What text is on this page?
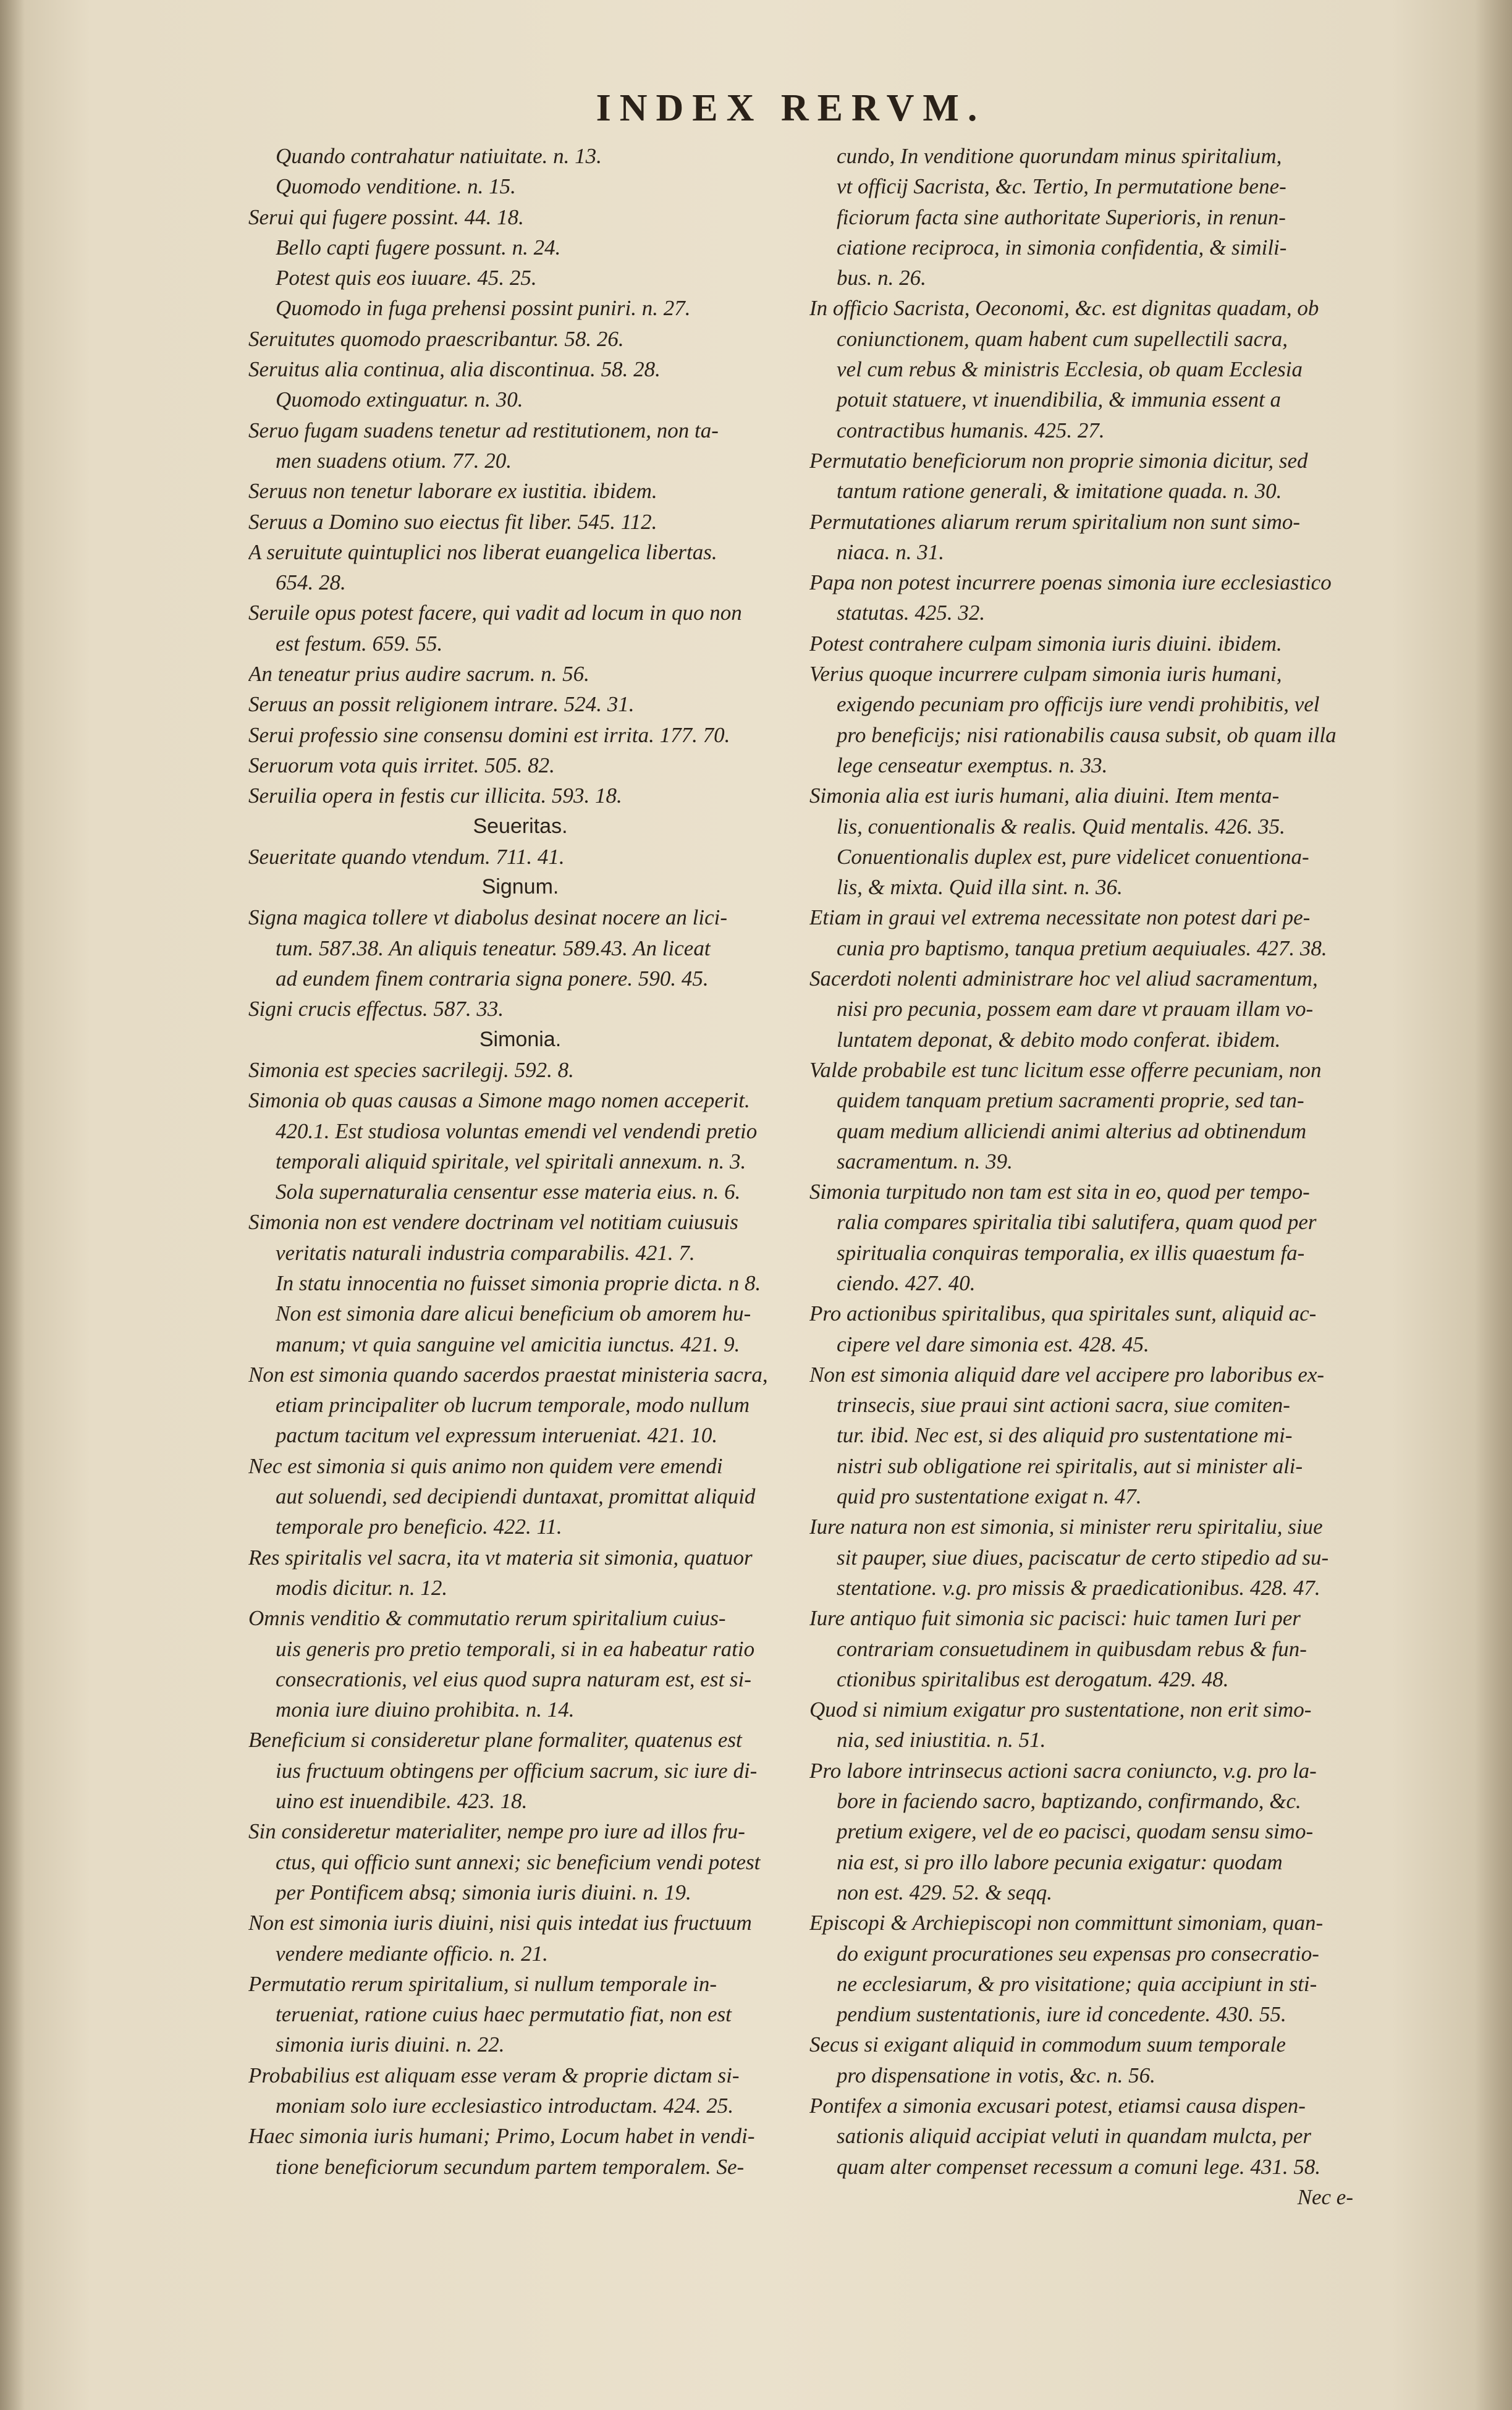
INDEX RERVM.
Quando contrahatur natiuitate. n. 13.
Quomodo venditione. n. 15.
Serui qui fugere possint. 44. 18.
Bello capti fugere possunt. n. 24.
Potest quis eos iuuare. 45. 25.
Quomodo in fuga prehensi possint puniri. n. 27.
Seruitutes quomodo praescribantur. 58. 26.
Seruitus alia continua, alia discontinua. 58. 28.
Quomodo extinguatur. n. 30.
Seruo fugam suadens tenetur ad restitutionem, non ta-
men suadens otium. 77. 20.
Seruus non tenetur laborare ex iustitia. ibidem.
Seruus a Domino suo eiectus fit liber. 545. 112.
A seruitute quintuplici nos liberat euangelica libertas.
654. 28.
Seruile opus potest facere, qui vadit ad locum in quo non
est festum. 659. 55.
An teneatur prius audire sacrum. n. 56.
Seruus an possit religionem intrare. 524. 31.
Serui professio sine consensu domini est irrita. 177. 70.
Seruorum vota quis irritet. 505. 82.
Seruilia opera in festis cur illicita. 593. 18.
Seueritas.
Seueritate quando vtendum. 711. 41.
Signum.
Signa magica tollere vt diabolus desinat nocere an lici-
tum. 587.38. An aliquis teneatur. 589.43. An liceat
ad eundem finem contraria signa ponere. 590. 45.
Signi crucis effectus. 587. 33.
Simonia.
Simonia est species sacrilegij. 592. 8.
Simonia ob quas causas a Simone mago nomen acceperit.
420.1. Est studiosa voluntas emendi vel vendendi pretio
temporali aliquid spiritale, vel spiritali annexum. n. 3.
Sola supernaturalia censentur esse materia eius. n. 6.
Simonia non est vendere doctrinam vel notitiam cuiusuis
veritatis naturali industria comparabilis. 421. 7.
In statu innocentia no fuisset simonia proprie dicta. n 8.
Non est simonia dare alicui beneficium ob amorem hu-
manum; vt quia sanguine vel amicitia iunctus. 421. 9.
Non est simonia quando sacerdos praestat ministeria sacra,
etiam principaliter ob lucrum temporale, modo nullum
pactum tacitum vel expressum interueniat. 421. 10.
Nec est simonia si quis animo non quidem vere emendi
aut soluendi, sed decipiendi duntaxat, promittat aliquid
temporale pro beneficio. 422. 11.
Res spiritalis vel sacra, ita vt materia sit simonia, quatuor
modis dicitur. n. 12.
Omnis venditio & commutatio rerum spiritalium cuius-
uis generis pro pretio temporali, si in ea habeatur ratio
consecrationis, vel eius quod supra naturam est, est si-
monia iure diuino prohibita. n. 14.
Beneficium si consideretur plane formaliter, quatenus est
ius fructuum obtingens per officium sacrum, sic iure di-
uino est inuendibile. 423. 18.
Sin consideretur materialiter, nempe pro iure ad illos fru-
ctus, qui officio sunt annexi; sic beneficium vendi potest
per Pontificem absq; simonia iuris diuini. n. 19.
Non est simonia iuris diuini, nisi quis intedat ius fructuum
vendere mediante officio. n. 21.
Permutatio rerum spiritalium, si nullum temporale in-
terueniat, ratione cuius haec permutatio fiat, non est
simonia iuris diuini. n. 22.
Probabilius est aliquam esse veram & proprie dictam si-
moniam solo iure ecclesiastico introductam. 424. 25.
Haec simonia iuris humani; Primo, Locum habet in vendi-
tione beneficiorum secundum partem temporalem. Se-
cundo, In venditione quorundam minus spiritalium,
vt officij Sacrista, &c. Tertio, In permutatione bene-
ficiorum facta sine authoritate Superioris, in renun-
ciatione reciproca, in simonia confidentia, & simili-
bus. n. 26.
In officio Sacrista, Oeconomi, &c. est dignitas quadam, ob
coniunctionem, quam habent cum supellectili sacra,
vel cum rebus & ministris Ecclesia, ob quam Ecclesia
potuit statuere, vt inuendibilia, & immunia essent a
contractibus humanis. 425. 27.
Permutatio beneficiorum non proprie simonia dicitur, sed
tantum ratione generali, & imitatione quada. n. 30.
Permutationes aliarum rerum spiritalium non sunt simo-
niaca. n. 31.
Papa non potest incurrere poenas simonia iure ecclesiastico
statutas. 425. 32.
Potest contrahere culpam simonia iuris diuini. ibidem.
Verius quoque incurrere culpam simonia iuris humani,
exigendo pecuniam pro officijs iure vendi prohibitis, vel
pro beneficijs; nisi rationabilis causa subsit, ob quam illa
lege censeatur exemptus. n. 33.
Simonia alia est iuris humani, alia diuini. Item menta-
lis, conuentionalis & realis. Quid mentalis. 426. 35.
Conuentionalis duplex est, pure videlicet conuentiona-
lis, & mixta. Quid illa sint. n. 36.
Etiam in graui vel extrema necessitate non potest dari pe-
cunia pro baptismo, tanqua pretium aequiuales. 427. 38.
Sacerdoti nolenti administrare hoc vel aliud sacramentum,
nisi pro pecunia, possem eam dare vt prauam illam vo-
luntatem deponat, & debito modo conferat. ibidem.
Valde probabile est tunc licitum esse offerre pecuniam, non
quidem tanquam pretium sacramenti proprie, sed tan-
quam medium alliciendi animi alterius ad obtinendum
sacramentum. n. 39.
Simonia turpitudo non tam est sita in eo, quod per tempo-
ralia compares spiritalia tibi salutifera, quam quod per
spiritualia conquiras temporalia, ex illis quaestum fa-
ciendo. 427. 40.
Pro actionibus spiritalibus, qua spiritales sunt, aliquid ac-
cipere vel dare simonia est. 428. 45.
Non est simonia aliquid dare vel accipere pro laboribus ex-
trinsecis, siue praui sint actioni sacra, siue comiten-
tur. ibid. Nec est, si des aliquid pro sustentatione mi-
nistri sub obligatione rei spiritalis, aut si minister ali-
quid pro sustentatione exigat n. 47.
Iure natura non est simonia, si minister reru spiritaliu, siue
sit pauper, siue diues, paciscatur de certo stipedio ad su-
stentatione. v.g. pro missis & praedicationibus. 428. 47.
Iure antiquo fuit simonia sic pacisci: huic tamen Iuri per
contrariam consuetudinem in quibusdam rebus & fun-
ctionibus spiritalibus est derogatum. 429. 48.
Quod si nimium exigatur pro sustentatione, non erit simo-
nia, sed iniustitia. n. 51.
Pro labore intrinsecus actioni sacra coniuncto, v.g. pro la-
bore in faciendo sacro, baptizando, confirmando, &c.
pretium exigere, vel de eo pacisci, quodam sensu simo-
nia est, si pro illo labore pecunia exigatur: quodam
non est. 429. 52. & seqq.
Episcopi & Archiepiscopi non committunt simoniam, quan-
do exigunt procurationes seu expensas pro consecratio-
ne ecclesiarum, & pro visitatione; quia accipiunt in sti-
pendium sustentationis, iure id concedente. 430. 55.
Secus si exigant aliquid in commodum suum temporale
pro dispensatione in votis, &c. n. 56.
Pontifex a simonia excusari potest, etiamsi causa dispen-
sationis aliquid accipiat veluti in quandam mulcta, per
quam alter compenset recessum a comuni lege. 431. 58.
Nec e-
